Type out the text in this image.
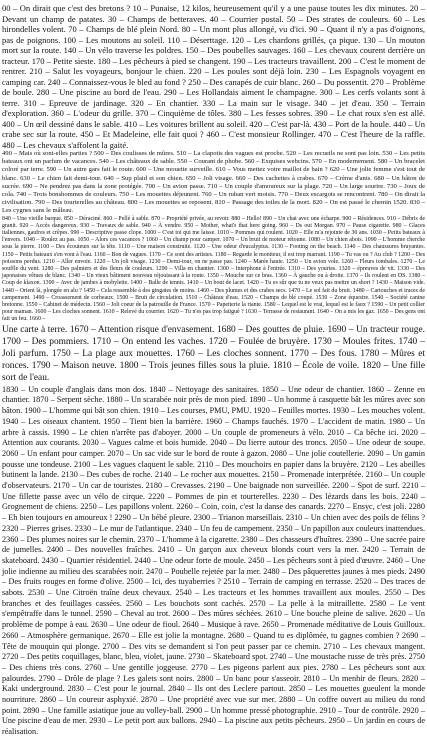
00 – On dirait que c'est des bretons ? 10 – Punaise, 12 kilos, heureusement qu'il y a une pause toutes les dix minutes. 20 – Devant un champ de patates. 30 – Champs de betteraves. 40 – Courrier postal. 50 – Des strates de couleurs. 60 – Les hirondelles volent. 70 – Champs de blé plein Nord. 80 – Un mont plus allongé, vu d'ici. 90 – Quant il n'y a pas d'oignons, pas de poignons. 100 – Les moutons au soleil. 110 – Déserttage. 120 – Les chardons grillés, ça pique. 130 – Un mouton mort sur la route. 140 – Un vélo traverse les poldres. 150 – Des poubelles sauvages. 160 – Les chevaux courent derrière un tracteur. 170 – Petite sieste. 180 – Les pêcheurs à pied se changent. 190 – Les tracteurs travaillent. 200 – C'est le moment de rentrer. 210 – Salut les voyageurs, bonjour le chien. 220 – Les poules sont déjà loin. 230 – Les Espagnols voyagent en camping car. 240 – Connaissez-vous le bled au fond ? 250 – Des canapés de cuir blanc. 260 – Du possentit. 270 – Problème de boule. 280 – Une piscine au bord de l'eau. 290 – Les Hollandais aiment le champagne. 300 – Les cerfs volants sont à terre. 310 – Epreuve de jardinage. 320 – En chantier. 330 – La main sur le visage. 340 – jet d'eau. 350 – Terrain d'exploration. 360 – L'odeur du grille. 370 – Cinquième de tôles. 380 – Les fesses sobres. 390 – Le chat roux s'en est allé. 400 – Un œil dessiné dans le sable. 410 – Les voitures brillent au soleil. 420 – C'est par-là. 430 – Port de la houle. 440 – Un crabe sec sur la route. 450 – Et Madeleine, elle fait quoi ? 460 – C'est monsieur Rollinger. 470 – C'est l'heure de la raffle. 480 – Les chevaux s'affolent la gaité.

490 – Mais où sont-elles parties ? 500 – Des coulisses de mûres. 510 – La clapotis des vagues est proche. 520 – Les recueils ne sont pas loin. 530 – Les petits bateaux ont un parfum de vacances. 540 – Les châteaux de sable. 550 – Courant de phobe. 560 – Exquises webcins. 570 – En modernement. 580 – Un bracelet coloré par terre. 590 – Un autre gars fait le route. 600 – Une mouette surveille. 610 – Vous mettez votre maillot de bain ? 620 – Une jolie femme s'est tout de blanc. 630 – Le chien fait demi-tour. 640 – Sup plaid et son chien. 650 – Joli visage. 660 – Des cachettes à crabes. 670 – Crème d'anis. 680 – Un bâton de sucrée. 690 – Ne pendrez pas dans la zone protégée. 700 – Un avion passe. 710 – Un couple d'amoureux sur la plage. 720 – Un large sourire. 730 – Joux de cola. 740 – Trois bonshommes de couleurs. 750 – Les mouettes déjeunent. 760 – Un ruban vert moisis. 770 – Deux escargots se rencontrent. 780 – On dirait la civilisation. 790 – Des tourterelles au château. 800 – Les mouettes se reposent. 810 – Passage des toiles de la mort. 820 – On est passé le chemin 1520. 830 – Les cygnes sans le mâleau.

840 – Une vieille barque. 850 – Déraciné. 860 – Pellé à sable. 870 – Propriété privée, au revoir. 880 – Hello! 890 – Un chat avec une écharpe. 900 – Résidences. 910 – Débris de granit. 920 – Accès dangereux. 930 – Travaux de sable. 940 – À vendre. 950 – Mother, what's that here going. 960 – Ds oui Morgan. 970 – Pause cigarette. 980 – Glaces italiennes, gaufres et crêpes. 990 – Descriptive passe clope. 1000 – C'est toi qui me laisse. 1010 – Pommes qui roulent. 1020 – Elle m'a rejointe de 30 ans. 1030 – Petits bateaux à l'envers. 1040 – Roulez au pas. 1050 – Alors ces vacances ? 1060 – Un champ pour camper. 1070 – Un bruit de moteur rétoune. 1080 – Un chien abois. 1090 – L'homme cherche sous la pierre. 1100 – Des écouteurs sur la tête. 1110 – Une maison construite. 1120 – Une odeur d'eucalyptus. 1130 – Footing on the beach. 1140 – Des chaussures bruyantes. 1150 – Petits bateaux s'en vont à l'eau. 1160 – Bon de vagues. 1170 – Ce sont des artistes. 1180 – Regarde le moniteur, il est trop marrant. 1190 – Tu vas ou ? Au club ? 1200 – Des poissons perdus. 1210 – Aller envoie. 1220 – Un joli visage. 1230 – Demi-tour, on ne passe pas. 1240 – Marée haute. 1250 – Un avion vole. 1260 – Fleurs tombales. 1270 – Le souffle du vent. 1280 – Des palmiers et des fleurs de couleurs. 1290 – Villa en chantier. 1300 – Interphone à l'entrée. 1310 – Des yourtes. 1320 – épreuves de vit. 1330 – Des japonaises vêtues de blanc. 1340 – Un vieux bâtiment nouveau réjouissant à la route. 1350 – Mouche sur ce bras. 1360 – À gauche ou à droite. 1370 – Ils roulent en DS. 1380 – Coup de klaxon. 1390 – Avec de jambes à mobylette. 1400 – Balle de tennis. 1410 – Un bout de lacet. 1420 – Tu es sûr que tu ne veux pas mettre un short ? 1430 – Maison vide. 1440 – Orient là, plongée en alu ? 1450 – Cela ressemble à des gingates de moins. 1460 – Des plumes et des crabes secs. 1470 – Le sol fait du bruit. 1480 – Cartouches et traces de campement. 1490 – Croassement de corbeaux. 1500 – Bruit de circulation. 1510 – Château d'eau. 1520 – Champs de blé coupé. 1530 – Zone équestre. 1540 – Société canine bretonne. 1550 – Cabinet de médecin. 1560 – Joli coeur de la patrouille de France. 1570 – Papetterie la riante. 1580 – Lequel est le vrai, lequel est le faux ? 1590 – Un petit collier pour maman. 1600 – Les cloches sonnent. 1610 – Relevé du courrier. 1620 – Tu n'es pas trop fatigué ? 1630 – Terrasse de restaurant. 1640 – On a mis les gaz. 1650 – Des gens ont fait un feu. 1660 –

Une carte à terre. 1670 – Attention risque d'envasement. 1680 – Des gouttes de pluie. 1690 – Un tracteur rouge. 1700 – Des pommiers. 1710 – On entend les vaches. 1720 – Foulée de bruyère. 1730 – Moules frites. 1740 – Joli parfum. 1750 – La plage aux mouettes. 1760 – Les cloches sonnent. 1770 – Des fous. 1780 – Mûres et ronces. 1790 – Maison neuve. 1800 – Trois jeunes filles sous la pluie. 1810 – École de voile. 1820 – Une fille sort de l'eau.

1830 – Un couple d'anglais dans mon dos. 1840 – Nettoyage des sanitaires. 1850 – Une odeur de chantier. 1860 – Zenne en chantier. 1870 – Serpent sèche. 1880 – Un scarabée noir près de mon pied. 1890 – Un homme à casquette bât les mûres avec son bâton. 1900 – L'homme qui bât son chien. 1910 – Les courses, PMU, PMU. 1920 – Feuilles mortes. 1930 – Les mouches volent. 1940 – Les oiseaux chantent. 1950 – Tient bien la barrière. 1960 – Champs fauchés. 1970 – L'accident de matin. 1980 – Un arbre à cassis. 1990 – Le chien n'arrête pas d'aboyer. 2000 – Un couple de promeneurs à vélo. 2010 – Ca bêche ici. 2020 – Attention aux courants. 2030 – Vagues calme et bois humide. 2040 – Du lierre autour des troncs. 2050 – Une odeur de soupe. 2060 – Un enfant pour camper. 2070 – Un sac vide sur le bord de route à gazon. 2080 – Une jolie coutellerie. 2090 – Un gamin pousse une tondeuse. 2100 – Les vagues claquent le sable. 2110 – Des mouchoirs en papier dans la bruyère. 2120 – Les abeilles butinent la lande. 2130 – Des cubes de roche. 2140 – Le rocher aux mouettes. 2150 – Promenade interprétée. 2160 – Un couple d'observateurs. 2170 – Un car de touristes. 2180 – Crevasses. 2190 – Une baignade non surveillée. 2200 – Spot de surf. 2210 – Une fillette passe avec un vélo de cirque. 2220 – Pommes de pin et tourterelles. 2230 – Des lézards dans les bois. 2240 – Grognement de chiens. 2250 – Les papillons volent. 2260 – Coin, coin, c'est la danse des canards. 2270 – Ensyc, c'est joli. 2280 – Eh bien toujours en amoureux ! 2290 – Un bébé pleure. 2300 – Trianon marseillais. 2310 – Un chien avec des poils de félins ? 2320 – Pierres grises. 2330 – Le mur de l'atlantique. 2340 – Un feu de campement. 2350 – Un papillon aux couleurs inattendues. 2360 – Des plumes noires sur le chemin. 2370 – L'homme à la cigarette. 2380 – Des chasseurs d'huîtres. 2390 – Une sacrée paire de jumelles. 2400 – Des nouvelles fraîches. 2410 – Un garçon aux cheveux blonds court vers la mer. 2420 – Terrain de skateboard. 2430 – Quartier résidentiel. 2440 – Une odeur forte de moule. 2450 – Les pêcheurs sont à pied d'œuvre. 2460 – Une jolie indienne au milieu des scarabées noir. 2470 – Poubelle rejetée par la mer. 2480 – Des pâquerettes jaunes à mes pieds. 2490 – Des fruits rouges en forme d'olive. 2500 – Ici, des tuyaberries ? 2510 – Terrain de camping en terrasse. 2520 – Des traces de sabots. 2530 – Une Citroën traîne deux chevaux. 2540 – Les tracteurs et les hommes travaillent aux moules. 2550 – Des branches et des feuillages cassées. 2560 – Les bouchots sont cachés. 2570 – La pelle à la mitraillette. 2580 – Le vent s'empêtraffe dans le tunnel. 2590 – Cheval au trot. 2600 – Des mûres séchées. 2610 – Une bouche pleine de salive. 2620 – Un problème de pompe à eau. 2630 – Une odeur de fioul. 2640 – Musique à rave. 2650 – Promenade méditative de Louis Guilloux. 2660 – Atmosphère germanique. 2670 – Elle est jolie la montagne. 2680 – Quand tu es diplômée, tu gagnes combien ? 2690 – Tête de mouquin qui plonge. 2700 – Des vits se demandent si l'on peut passer par ce chemin. 2710 – Les chevaux mangent. 2720 – Des petits coquillages, blanc, bleu, violet, jaune. 2730 – Skateboard spot. 2740 – Une moustache russe de très près. 2750 – Des chiens très cons. 2760 – Une gentille joggeuse. 2770 – Les pigeons parlent aux pies. 2780 – Les pêcheurs sont aux palourdes. 2790 – Drôle de plage ? Les galets sont noirs. 2800 – Un banc pour s'asseoir. 2810 – Un menhir de fleurs. 2820 – Kaki underground. 2830 – C'est pour le journal. 2840 – Ils ont des Leclere partout. 2850 – Les mouettes gueulent la monde nourriture. 2860 – Un coureur asphyxié. 2870 – Une propriété avec vue sur mer. 2880 – Un coffre ouvert au milieu du rond point. 2890 – Une famille asiatique joue au volley-ball. 2900 – Un homme pressé photographie. 2910 – Tour de contrôle. 2920 – Une piscine d'eau de mer. 2930 – Le petit port aux ballons. 2940 – La piscine aux petits pêcheurs. 2950 – Un jardin en cours de réalisation.
